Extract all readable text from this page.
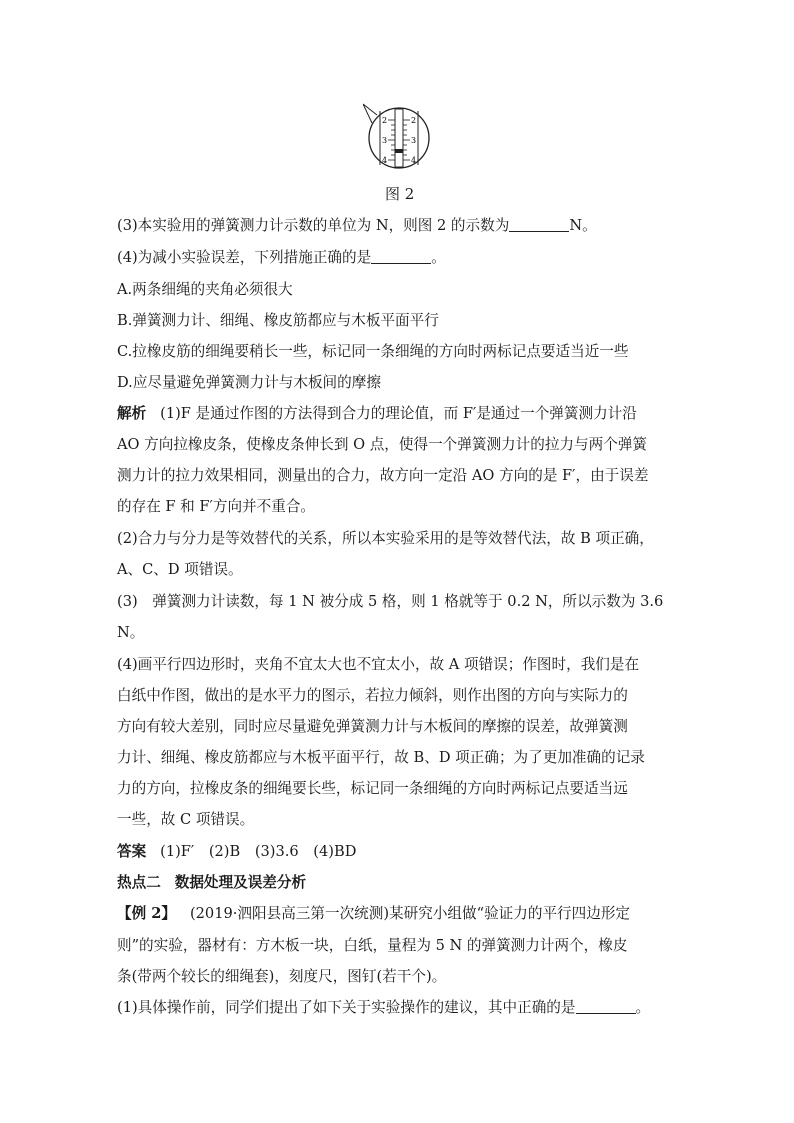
2
3
4
2
3
4
图 2
(3)本实验用的弹簧测力计示数的单位为 N，则图 2 的示数为	N。
(4)为减小实验误差，下列措施正确的是	。
A.两条细绳的夹角必须很大
B.弹簧测力计、细绳、橡皮筋都应与木板平面平行
C.拉橡皮筋的细绳要稍长一些，标记同一条细绳的方向时两标记点要适当近一些
D.应尽量避免弹簧测力计与木板间的摩擦
解析 (1)F 是通过作图的方法得到合力的理论值，而 F′是通过一个弹簧测力计沿
AO 方向拉橡皮条，使橡皮条伸长到 O 点，使得一个弹簧测力计的拉力与两个弹簧
测力计的拉力效果相同，测量出的合力，故方向一定沿 AO 方向的是 F′，由于误差
的存在 F 和 F′方向并不重合。
(2)合力与分力是等效替代的关系，所以本实验采用的是等效替代法，故 B 项正确，
A、C、D 项错误。
(3)　弹簧测力计读数，每 1 N 被分成 5 格，则 1 格就等于 0.2 N，所以示数为 3.6
N。
(4)画平行四边形时，夹角不宜太大也不宜太小，故 A 项错误；作图时，我们是在
白纸中作图，做出的是水平力的图示，若拉力倾斜，则作出图的方向与实际力的
方向有较大差别，同时应尽量避免弹簧测力计与木板间的摩擦的误差，故弹簧测
力计、细绳、橡皮筋都应与木板平面平行，故 B、D 项正确；为了更加准确的记录
力的方向，拉橡皮条的细绳要长些，标记同一条细绳的方向时两标记点要适当远
一些，故 C 项错误。
答案 (1)F′　(2)B　(3)3.6　(4)BD
热点二 数据处理及误差分析
【例 2】 (2019·泗阳县高三第一次统测)某研究小组做“验证力的平行四边形定
则”的实验，器材有：方木板一块，白纸，量程为 5 N 的弹簧测力计两个，橡皮
条(带两个较长的细绳套)，刻度尺，图钉(若干个)。
(1)具体操作前，同学们提出了如下关于实验操作的建议，其中正确的是	。
